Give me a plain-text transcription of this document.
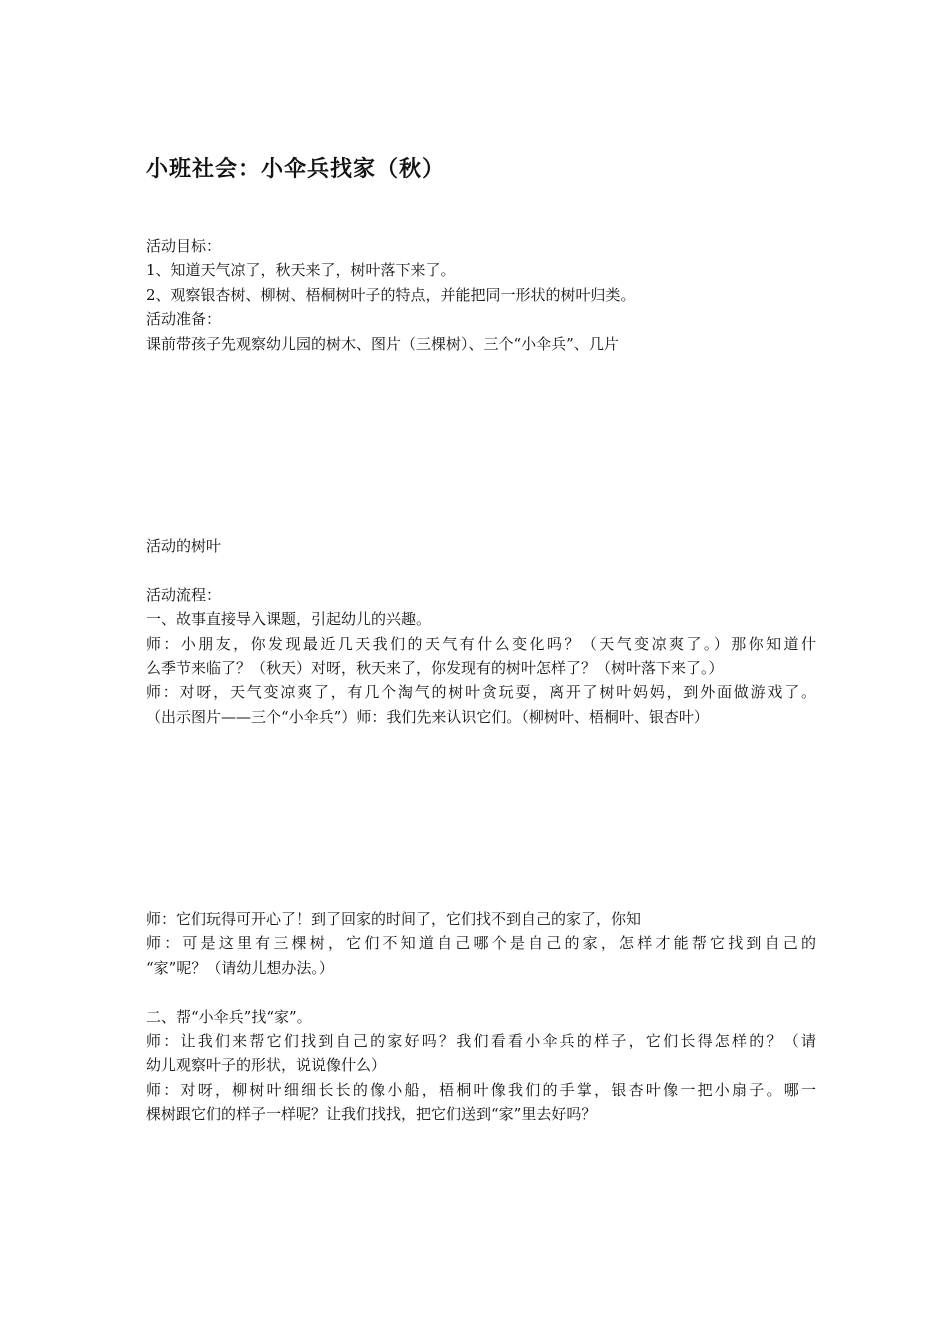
小班社会：小伞兵找家（秋）
活动目标：
1、知道天气凉了，秋天来了，树叶落下来了。
2、观察银杏树、柳树、梧桐树叶子的特点，并能把同一形状的树叶归类。
活动准备：
课前带孩子先观察幼儿园的树木、图片（三棵树）、三个“小伞兵”、几片
活动的树叶
活动流程：
一、故事直接导入课题，引起幼儿的兴趣。
师：小朋友，你发现最近几天我们的天气有什么变化吗？（天气变凉爽了。）那你知道什
么季节来临了？（秋天）对呀，秋天来了，你发现有的树叶怎样了？（树叶落下来了。）
师：对呀，天气变凉爽了，有几个淘气的树叶贪玩耍，离开了树叶妈妈，到外面做游戏了。
（出示图片——三个“小伞兵”）师：我们先来认识它们。（柳树叶、梧桐叶、银杏叶）
师：它们玩得可开心了！到了回家的时间了，它们找不到自己的家了，你知
师：可是这里有三棵树，它们不知道自己哪个是自己的家，怎样才能帮它找到自己的
“家”呢？（请幼儿想办法。）
二、帮“小伞兵”找“家”。
师：让我们来帮它们找到自己的家好吗？我们看看小伞兵的样子，它们长得怎样的？（请
幼儿观察叶子的形状，说说像什么）
师：对呀，柳树叶细细长长的像小船，梧桐叶像我们的手掌，银杏叶像一把小扇子。哪一
棵树跟它们的样子一样呢？让我们找找，把它们送到“家”里去好吗？
